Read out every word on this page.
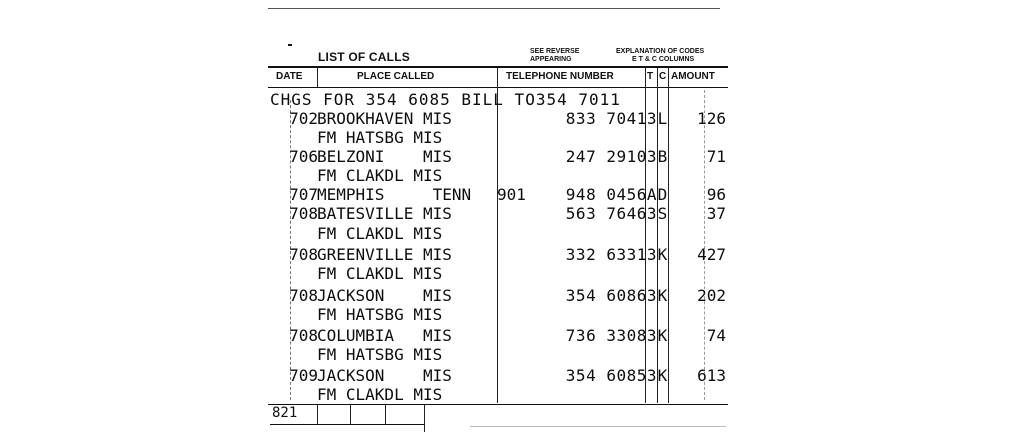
LIST OF CALLS	SEE REVERSE
APPEARING
EXPLANATION OF CODES
E T & C COLUMNS
DATE	PLACE CALLED	TELEPHONE NUMBER	T C AMOUNT
CHGS FOR 354 6085 BILL TO354 7011
702 BROOKHAVEN MIS	833 70413 L	126
FM HATSBG MIS
706 BELZONI    MIS	247 29103 B	71
FM CLAKDL MIS
707 MEMPHIS     TENN 901	948 0456A D	96
708 BATESVILLE MIS	563 76463 S	37
FM CLAKDL MIS
708 GREENVILLE MIS	332 63313 K	427
FM CLAKDL MIS
708 JACKSON    MIS	354 60863 K	202
FM HATSBG MIS
708 COLUMBIA   MIS	736 33083 K	74
FM HATSBG MIS
709 JACKSON    MIS	354 60853 K	613
FM CLAKDL MIS
821
